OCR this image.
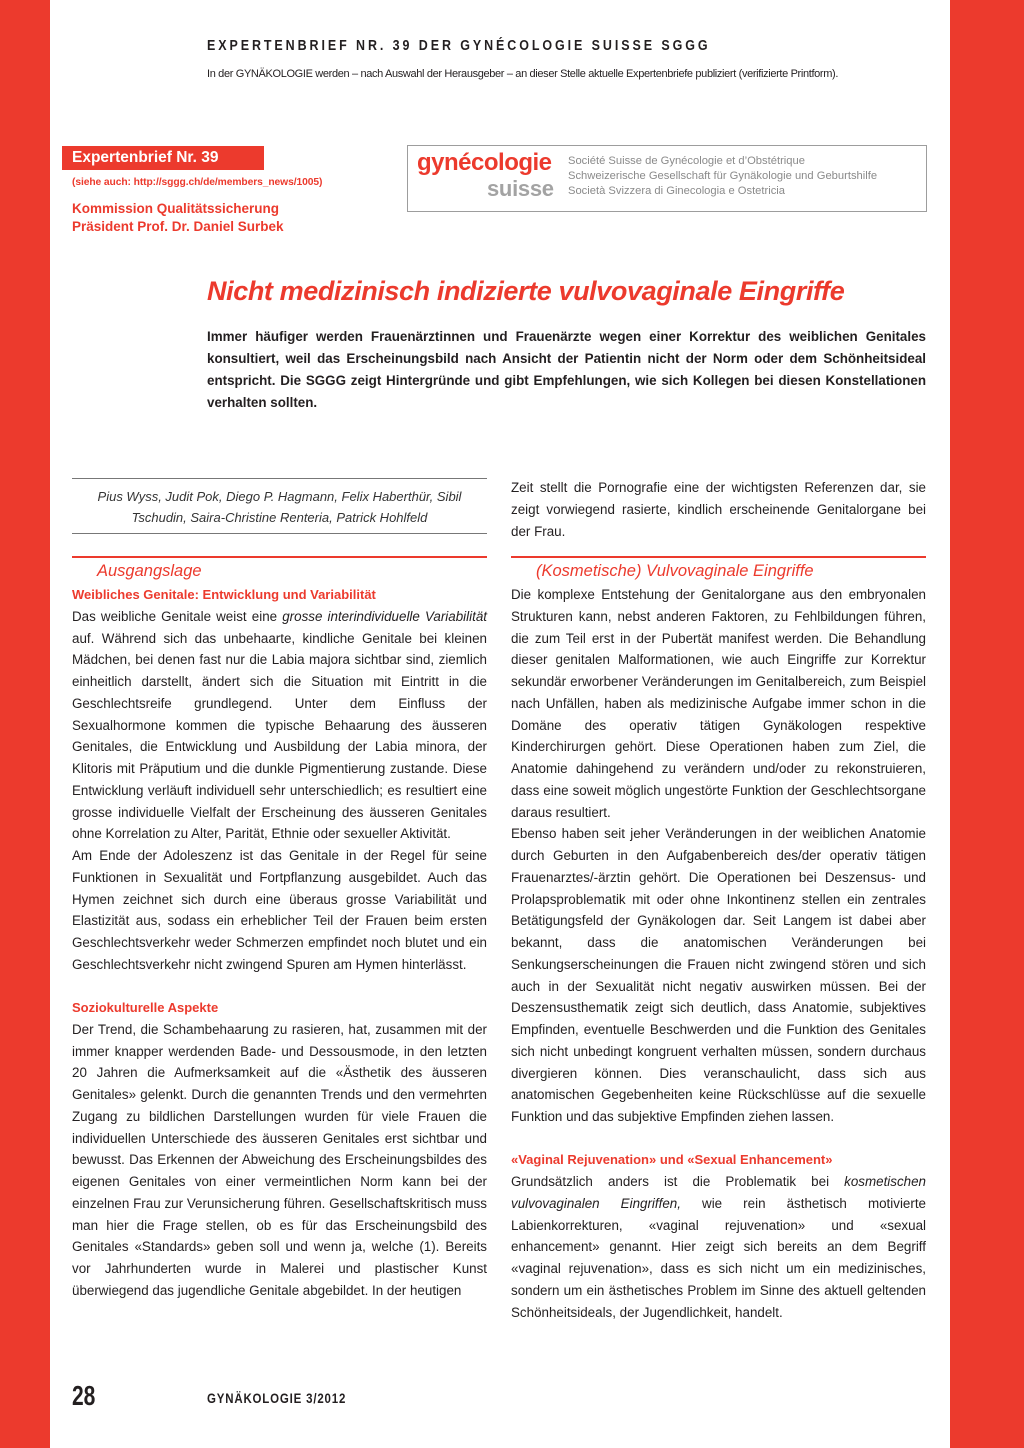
EXPERTENBRIEF NR. 39 DER GYNÉCOLOGIE SUISSE SGGG
In der GYNÄKOLOGIE werden – nach Auswahl der Herausgeber – an dieser Stelle aktuelle Expertenbriefe publiziert (verifizierte Printform).
Expertenbrief Nr. 39
(siehe auch: http://sggg.ch/de/members_news/1005)
Kommission Qualitätssicherung
Präsident Prof. Dr. Daniel Surbek
gynécologie
suisse
Société Suisse de Gynécologie et d’Obstétrique
Schweizerische Gesellschaft für Gynäkologie und Geburtshilfe
Società Svizzera di Ginecologia e Ostetricia
Nicht medizinisch indizierte vulvovaginale Eingriffe
Immer häufiger werden Frauenärztinnen und Frauenärzte wegen einer Korrektur des weiblichen Genitales konsultiert, weil das Erscheinungsbild nach Ansicht der Patientin nicht der Norm oder dem Schönheitsideal entspricht. Die SGGG zeigt Hintergründe und gibt Empfehlungen, wie sich Kollegen bei diesen Konstellationen verhalten sollten.
Pius Wyss, Judit Pok, Diego P. Hagmann, Felix Haberthür, Sibil Tschudin, Saira-Christine Renteria, Patrick Hohlfeld
Ausgangslage
Weibliches Genitale: Entwicklung und Variabilität

Das weibliche Genitale weist eine grosse interindividuelle Variabilität auf. Während sich das unbehaarte, kindliche Genitale bei kleinen Mädchen, bei denen fast nur die Labia majora sichtbar sind, ziemlich einheitlich darstellt, ändert sich die Situation mit Eintritt in die Geschlechtsreife grundlegend. Unter dem Einfluss der Sexualhormone kommen die typische Behaarung des äusseren Genitales, die Entwicklung und Ausbildung der Labia minora, der Klitoris mit Präputium und die dunkle Pigmentierung zustande. Diese Entwicklung verläuft individuell sehr unterschiedlich; es resultiert eine grosse individuelle Vielfalt der Erscheinung des äusseren Genitales ohne Korrelation zu Alter, Parität, Ethnie oder sexueller Aktivität.

Am Ende der Adoleszenz ist das Genitale in der Regel für seine Funktionen in Sexualität und Fortpflanzung ausgebildet. Auch das Hymen zeichnet sich durch eine überaus grosse Variabilität und Elastizität aus, sodass ein erheblicher Teil der Frauen beim ersten Geschlechtsverkehr weder Schmerzen empfindet noch blutet und ein Geschlechtsverkehr nicht zwingend Spuren am Hymen hinterlässt.

Soziokulturelle Aspekte

Der Trend, die Schambehaarung zu rasieren, hat, zusammen mit der immer knapper werdenden Bade- und Dessousmode, in den letzten 20 Jahren die Aufmerksamkeit auf die «Ästhetik des äusseren Genitales» gelenkt. Durch die genannten Trends und den vermehrten Zugang zu bildlichen Darstellungen wurden für viele Frauen die individuellen Unterschiede des äusseren Genitales erst sichtbar und bewusst. Das Erkennen der Abweichung des Erscheinungsbildes des eigenen Genitales von einer vermeintlichen Norm kann bei der einzelnen Frau zur Verunsicherung führen. Gesellschaftskritisch muss man hier die Frage stellen, ob es für das Erscheinungsbild des Genitales «Standards» geben soll und wenn ja, welche (1). Bereits vor Jahrhunderten wurde in Malerei und plastischer Kunst überwiegend das jugendliche Genitale abgebildet. In der heutigen

Zeit stellt die Pornografie eine der wichtigsten Referenzen dar, sie zeigt vorwiegend rasierte, kindlich erscheinende Genitalorgane bei der Frau.
(Kosmetische) Vulvovaginale Eingriffe

Die komplexe Entstehung der Genitalorgane aus den embryonalen Strukturen kann, nebst anderen Faktoren, zu Fehlbildungen führen, die zum Teil erst in der Pubertät manifest werden. Die Behandlung dieser genitalen Malformationen, wie auch Eingriffe zur Korrektur sekundär erworbener Veränderungen im Genitalbereich, zum Beispiel nach Unfällen, haben als medizinische Aufgabe immer schon in die Domäne des operativ tätigen Gynäkologen respektive Kinderchirurgen gehört. Diese Operationen haben zum Ziel, die Anatomie dahingehend zu verändern und/oder zu rekonstruieren, dass eine soweit möglich ungestörte Funktion der Geschlechtsorgane daraus resultiert.

Ebenso haben seit jeher Veränderungen in der weiblichen Anatomie durch Geburten in den Aufgabenbereich des/der operativ tätigen Frauenarztes/-ärztin gehört. Die Operationen bei Deszensus- und Prolapsproblematik mit oder ohne Inkontinenz stellen ein zentrales Betätigungsfeld der Gynäkologen dar. Seit Langem ist dabei aber bekannt, dass die anatomischen Veränderungen bei Senkungserscheinungen die Frauen nicht zwingend stören und sich auch in der Sexualität nicht negativ auswirken müssen. Bei der Deszensusthematik zeigt sich deutlich, dass Anatomie, subjektives Empfinden, eventuelle Beschwerden und die Funktion des Genitales sich nicht unbedingt kongruent verhalten müssen, sondern durchaus divergieren können. Dies veranschaulicht, dass sich aus anatomischen Gegebenheiten keine Rückschlüsse auf die sexuelle Funktion und das subjektive Empfinden ziehen lassen.

«Vaginal Rejuvenation» und «Sexual Enhancement»

Grundsätzlich anders ist die Problematik bei kosmetischen vulvovaginalen Eingriffen, wie rein ästhetisch motivierte Labienkorrekturen, «vaginal rejuvenation» und «sexual enhancement» genannt. Hier zeigt sich bereits an dem Begriff «vaginal rejuvenation», dass es sich nicht um ein medizinisches, sondern um ein ästhetisches Problem im Sinne des aktuell geltenden Schönheitsideals, der Jugendlichkeit, handelt.

28	GYNÄKOLOGIE 3/2012
